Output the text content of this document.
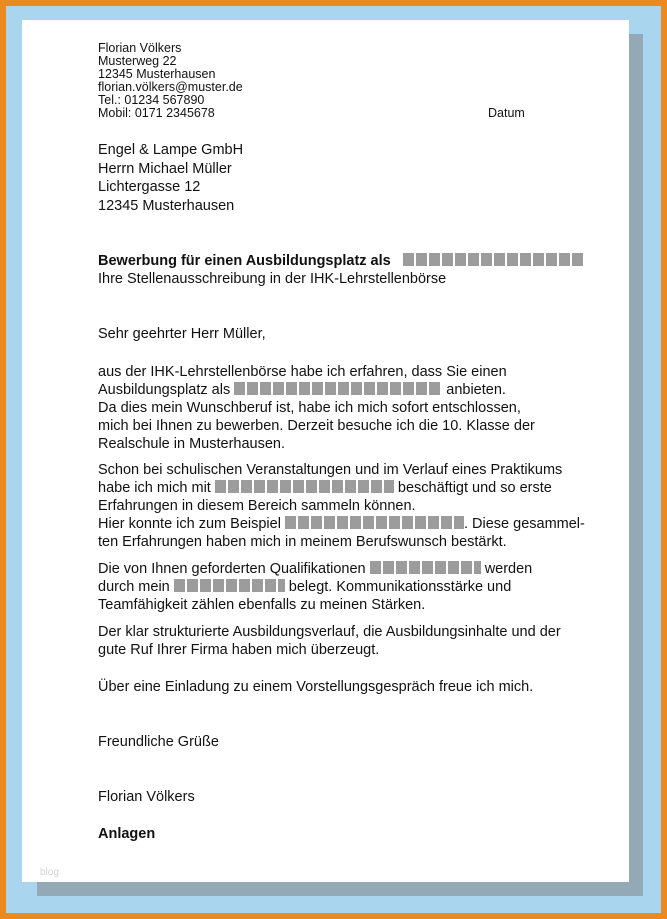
Florian Völkers
Musterweg 22
12345 Musterhausen
florian.völkers@muster.de
Tel.: 01234 567890
Mobil: 0171 2345678	Datum
Engel & Lampe GmbH
Herrn Michael Müller
Lichtergasse 12
12345 Musterhausen
Bewerbung für einen Ausbildungsplatz als
Ihre Stellenausschreibung in der IHK-Lehrstellenbörse
Sehr geehrter Herr Müller,
aus der IHK-Lehrstellenbörse habe ich erfahren, dass Sie einen
Ausbildungsplatz als	anbieten.
Da dies mein Wunschberuf ist, habe ich mich sofort entschlossen,
mich bei Ihnen zu bewerben. Derzeit besuche ich die 10. Klasse der
Realschule in Musterhausen.
Schon bei schulischen Veranstaltungen und im Verlauf eines Praktikums
habe ich mich mit	beschäftigt und so erste
Erfahrungen in diesem Bereich sammeln können.
Hier konnte ich zum Beispiel	. Diese gesammel-
ten Erfahrungen haben mich in meinem Berufswunsch bestärkt.
Die von Ihnen geforderten Qualifikationen	werden
durch mein	belegt. Kommunikationsstärke und
Teamfähigkeit zählen ebenfalls zu meinen Stärken.
Der klar strukturierte Ausbildungsverlauf, die Ausbildungsinhalte und der
gute Ruf Ihrer Firma haben mich überzeugt.
Über eine Einladung zu einem Vorstellungsgespräch freue ich mich.
Freundliche Grüße
Florian Völkers
Anlagen
blog
